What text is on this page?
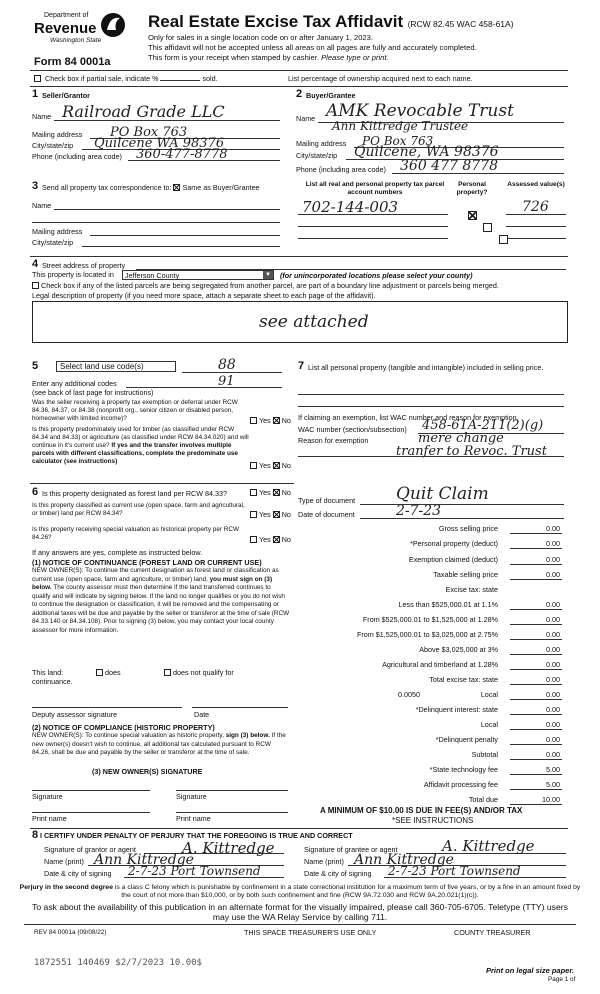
Department of
Revenue
Washington State
Form 84 0001a
Real Estate Excise Tax Affidavit (RCW 82.45 WAC 458-61A)
Only for sales in a single location code on or after January 1, 2023.
This affidavit will not be accepted unless all areas on all pages are fully and accurately completed.
This form is your receipt when stamped by cashier. Please type or print.
Check box if partial sale, indicate %	sold.	List percentage of ownership acquired next to each name.
1 Seller/Grantor
Name Railroad Grade LLC
Mailing address PO Box 763
City/state/zip Quilcene WA 98376
Phone (including area code) 360-477-8778
2 Buyer/Grantee
Name AMK Revocable Trust
Ann Kittredge Trustee
Mailing address PO Box 763
City/state/zip Quilcene, WA 98376
Phone (including area code) 360 477 8778
3 Send all property tax correspondence to: Same as Buyer/Grantee
Name
Mailing address
City/state/zip
List all real and personal property tax parcel account numbers
Personal property?
Assessed value(s)
702-144-003	726

4 Street address of property
This property is located in Jefferson County	▼ (for unincorporated locations please select your county)
Check box if any of the listed parcels are being segregated from another parcel, are part of a boundary line adjustment or parcels being merged.
Legal description of property (if you need more space, attach a separate sheet to each page of the affidavit).
see attached
5	Select land use code(s)	88
Enter any additional codes	91
(see back of last page for instructions)
Was the seller receiving a property tax exemption or deferral under RCW 84.36, 84.37, or 84.38 (nonprofit org., senior citizen or disabled person, homeowner with limited income)?	Yes No
Is this property predominately used for timber (as classified under RCW 84.34 and 84.33) or agriculture (as classified under RCW 84.34.020) and will continue in it's current use? If yes and the transfer involves multiple parcels with different classifications, complete the predominate use calculator (see instructions)	Yes No
6 Is this property designated as forest land per RCW 84.33?	Yes No
Is this property classified as current use (open space, farm and agricultural, or timber) land per RCW 84.34?	Yes No
Is this property receiving special valuation as historical property per RCW 84.26?	Yes No
If any answers are yes, complete as instructed below.
(1) NOTICE OF CONTINUANCE (FOREST LAND OR CURRENT USE)
NEW OWNER(S): To continue the current designation as forest land or classification as current use (open space, farm and agriculture, or timber) land, you must sign on (3) below. The county assessor must then determine if the land transferred continues to qualify and will indicate by signing below. If the land no longer qualifies or you do not wish to continue the designation or classification, it will be removed and the compensating or additional taxes will be due and payable by the seller or transferor at the time of sale (RCW 84.33.140 or 84.34.108). Prior to signing (3) below, you may contact your local county assessor for more information.
This land:	does	does not qualify for
continuance.
Deputy assessor signature	Date
(2) NOTICE OF COMPLIANCE (HISTORIC PROPERTY)
NEW OWNER(S): To continue special valuation as historic property, sign (3) below. If the new owner(s) doesn't wish to continue, all additional tax calculated pursuant to RCW 84.26, shall be due and payable by the seller or transferor at the time of sale.
(3) NEW OWNER(S) SIGNATURE
Signature	Signature
Print name	Print name
7 List all personal property (tangible and intangible) included in selling price.
If claiming an exemption, list WAC number and reason for exemption.
WAC number (section/subsection) 458-61A-211(2)(g)
Reason for exemption	mere change
tranfer to Revoc. Trust
Type of document Quit Claim
Date of document	2-7-23
Gross selling price	0.00
*Personal property (deduct)	0.00
Exemption claimed (deduct)	0.00
Taxable selling price	0.00
Excise tax: state
Less than $525,000.01 at 1.1%	0.00
From $525,000.01 to $1,525,000 at 1.28%	0.00
From $1,525,000.01 to $3,025,000 at 2.75%	0.00
Above $3,025,000 at 3%	0.00
Agricultural and timberland at 1.28%	0.00
Total excise tax: state	0.00
0.0050	Local	0.00
*Delinquent interest: state	0.00
Local	0.00
*Delinquent penalty	0.00
Subtotal	0.00
*State technology fee	5.00
Affidavit processing fee	5.00
Total due	10.00
A MINIMUM OF $10.00 IS DUE IN FEE(S) AND/OR TAX
*SEE INSTRUCTIONS
8 I CERTIFY UNDER PENALTY OF PERJURY THAT THE FOREGOING IS TRUE AND CORRECT
Signature of grantor or agent	A. Kittredge
Name (print) Ann Kittredge
Date & city of signing 2-7-23 Port Townsend
Signature of grantee or agent	A. Kittredge
Name (print) Ann Kittredge
Date & city of signing 2-7-23 Port Townsend
Perjury in the second degree is a class C felony which is punishable by confinement in a state correctional institution for a maximum term of five years, or by a fine in an amount fixed by the court of not more than $10,000, or by both such confinement and fine (RCW 9A.72.030 and RCW 9A.20.021(1)(c)).
To ask about the availability of this publication in an alternate format for the visually impaired, please call 360-705-6705. Teletype (TTY) users may use the WA Relay Service by calling 711.
REV 84 0001a (09/08/22)	THIS SPACE TREASURER'S USE ONLY	COUNTY TREASURER
1872551 140469 $2/7/2023 10.00$
Print on legal size paper.
Page 1 of
